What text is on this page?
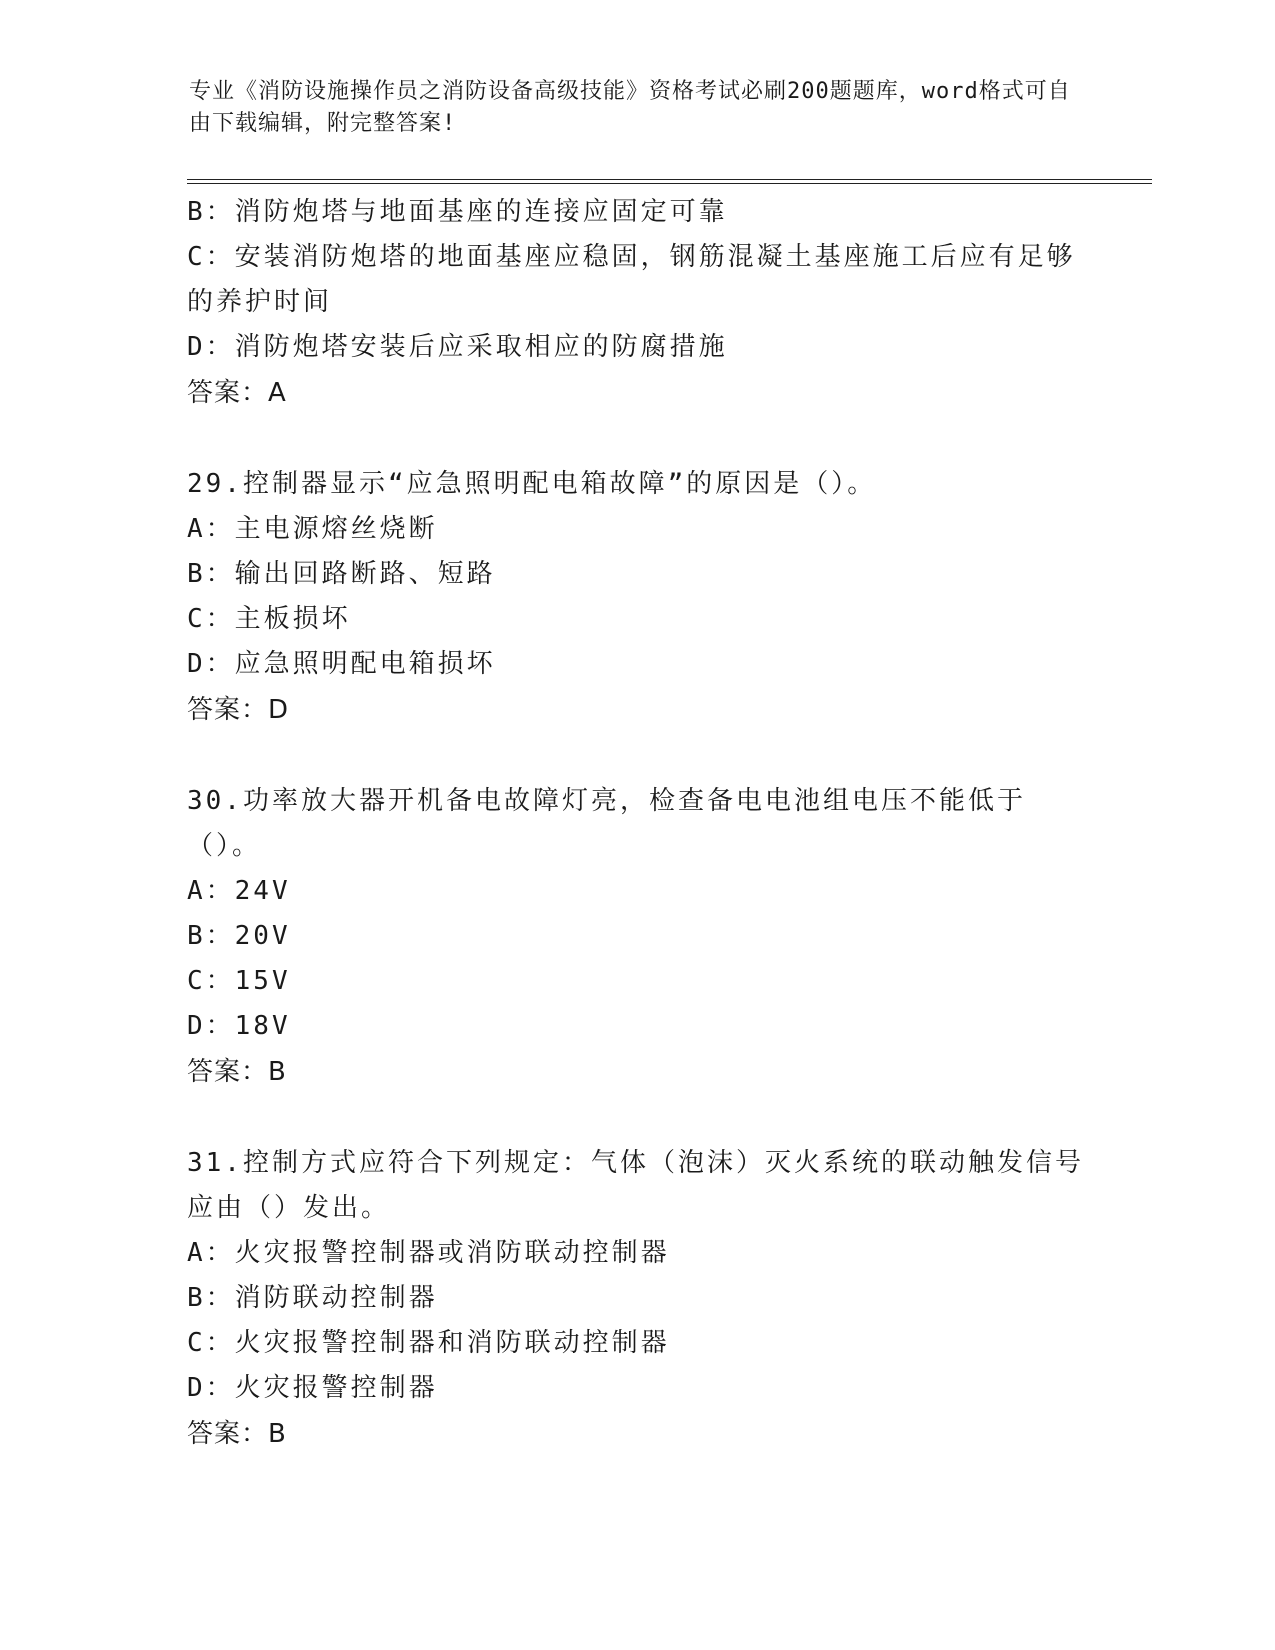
专业《消防设施操作员之消防设备高级技能》资格考试必刷200题题库，word格式可自由下载编辑，附完整答案!
B：消防炮塔与地面基座的连接应固定可靠
C：安装消防炮塔的地面基座应稳固，钢筋混凝土基座施工后应有足够的养护时间
D：消防炮塔安装后应采取相应的防腐措施
答案：A
29.控制器显示“应急照明配电箱故障”的原因是（）。
A：主电源熔丝烧断
B：输出回路断路、短路
C：主板损坏
D：应急照明配电箱损坏
答案：D
30.功率放大器开机备电故障灯亮，检查备电电池组电压不能低于（）。
A：24V
B：20V
C：15V
D：18V
答案：B
31.控制方式应符合下列规定：气体（泡沫）灭火系统的联动触发信号应由（）发出。
A：火灾报警控制器或消防联动控制器
B：消防联动控制器
C：火灾报警控制器和消防联动控制器
D：火灾报警控制器
答案：B
